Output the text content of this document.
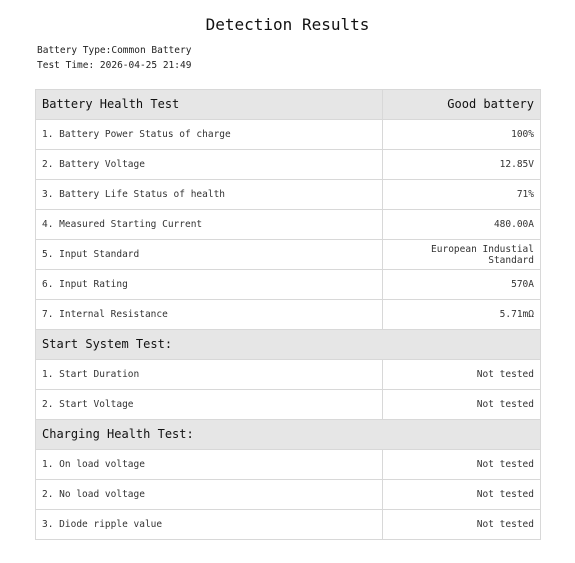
Detection Results
Battery Type:Common Battery
Test Time: 2026-04-25 21:49
Battery Health Test	Good battery
1. Battery Power Status of charge	100%
2. Battery Voltage	12.85V
3. Battery Life Status of health	71%
4. Measured Starting Current	480.00A
5. Input Standard	European Industial Standard
6. Input Rating	570A
7. Internal Resistance	5.71mΩ
Start System Test:	
1. Start Duration	Not tested
2. Start Voltage	Not tested
Charging Health Test:	
1. On load voltage	Not tested
2. No load voltage	Not tested
3. Diode ripple value	Not tested
